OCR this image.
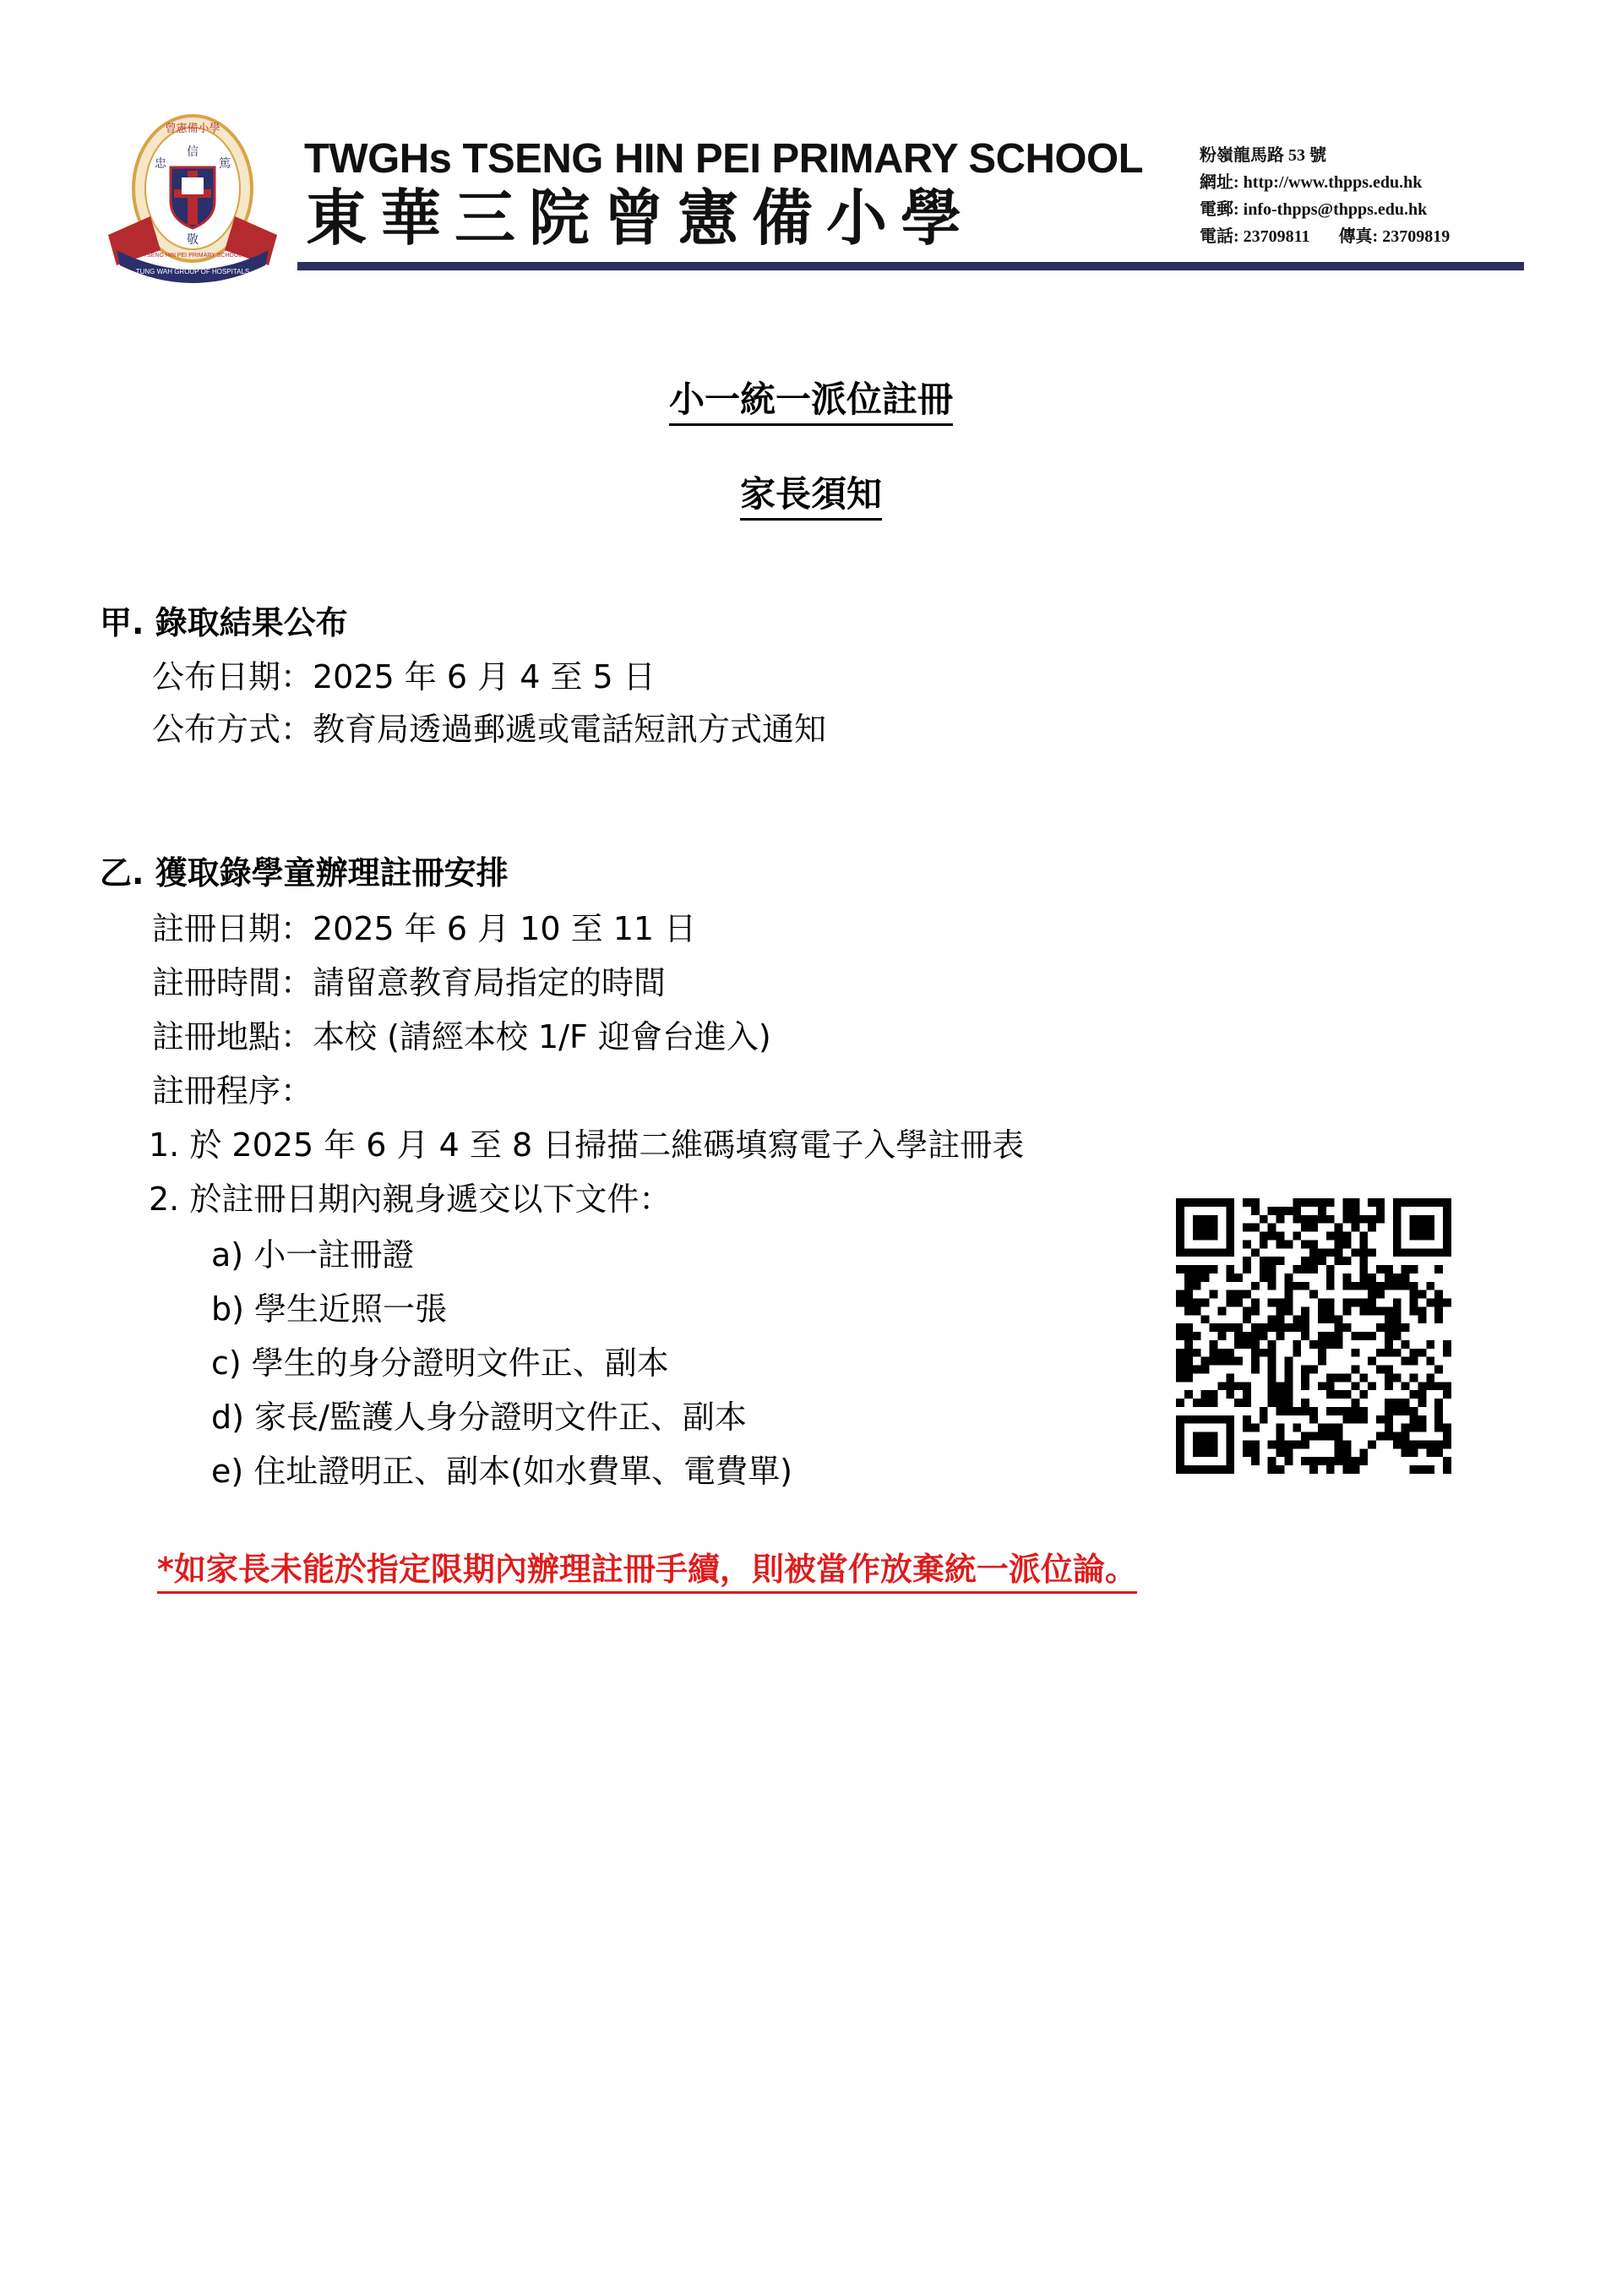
曾憲備小學
忠
信
篤
敬
TSENG HIN PEI PRIMARY SCHOOL
TUNG WAH GROUP OF HOSPITALS
TWGHs TSENG HIN PEI PRIMARY SCHOOL
東華三院曾憲備小學
粉嶺龍馬路 53 號
網址: http://www.thpps.edu.hk
電郵: info-thpps@thpps.edu.hk
電話: 23709811 傳真: 23709819
小一統一派位註冊
家長須知
甲. 錄取結果公布
公布日期：2025 年 6 月 4 至 5 日
公布方式：教育局透過郵遞或電話短訊方式通知
乙. 獲取錄學童辦理註冊安排
註冊日期：2025 年 6 月 10 至 11 日
註冊時間：請留意教育局指定的時間
註冊地點：本校 (請經本校 1/F 迎會台進入)
註冊程序：
1. 於 2025 年 6 月 4 至 8 日掃描二維碼填寫電子入學註冊表
2. 於註冊日期內親身遞交以下文件：
a) 小一註冊證
b) 學生近照一張
c) 學生的身分證明文件正、副本
d) 家長/監護人身分證明文件正、副本
e) 住址證明正、副本(如水費單、電費單)
*如家長未能於指定限期內辦理註冊手續，則被當作放棄統一派位論。
